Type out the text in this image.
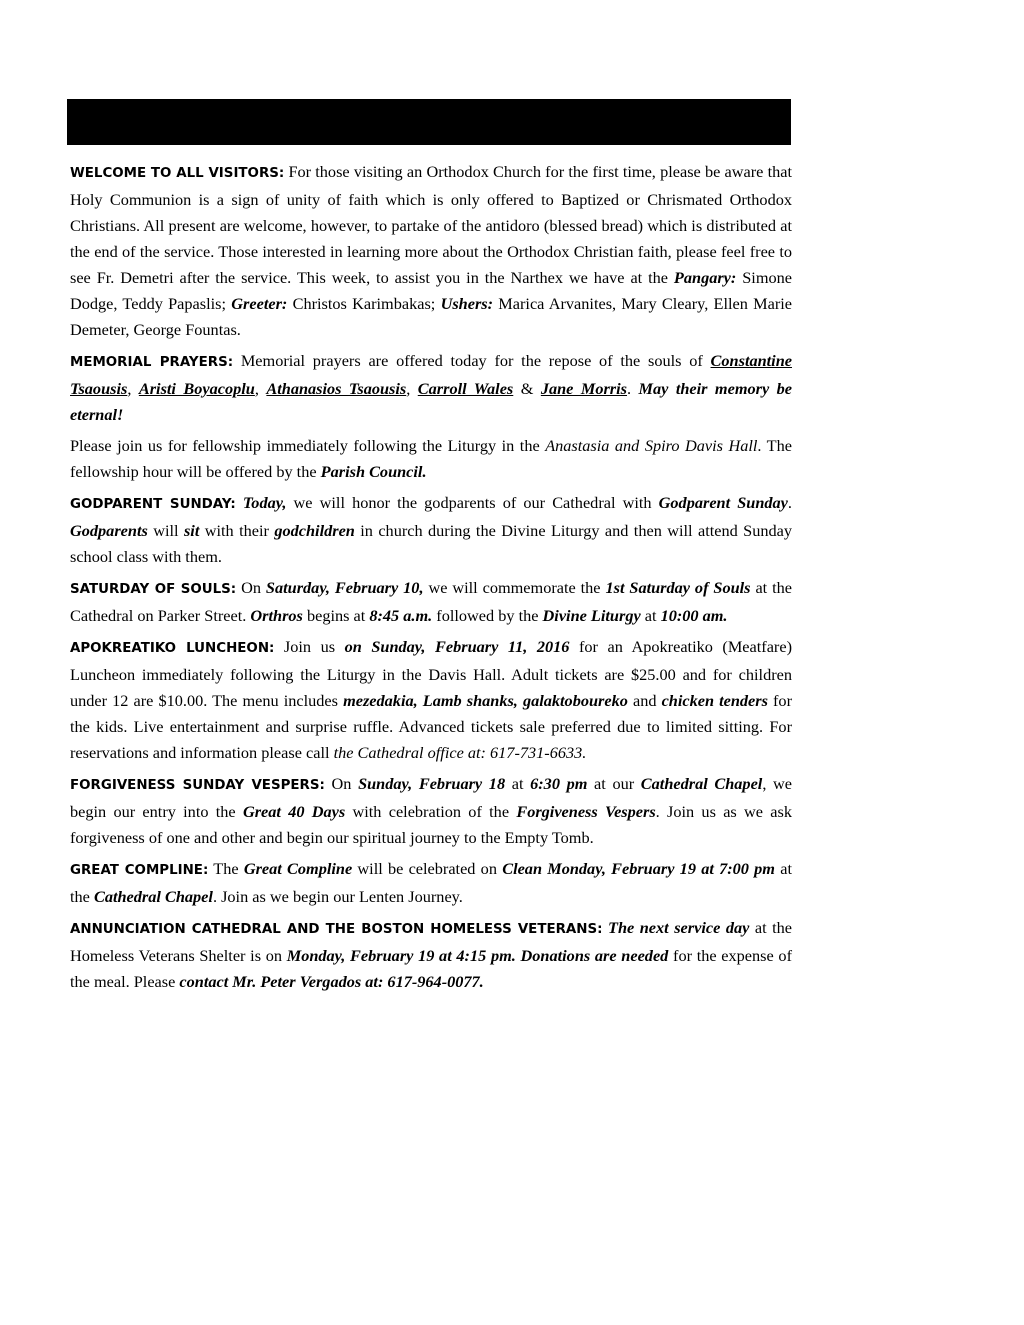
WELCOME TO ALL VISITORS: For those visiting an Orthodox Church for the first time, please be aware that Holy Communion is a sign of unity of faith which is only offered to Baptized or Chrismated Orthodox Christians. All present are welcome, however, to partake of the antidoro (blessed bread) which is distributed at the end of the service. Those interested in learning more about the Orthodox Christian faith, please feel free to see Fr. Demetri after the service. This week, to assist you in the Narthex we have at the Pangary: Simone Dodge, Teddy Papaslis; Greeter: Christos Karimbakas; Ushers: Marica Arvanites, Mary Cleary, Ellen Marie Demeter, George Fountas.

MEMORIAL PRAYERS: Memorial prayers are offered today for the repose of the souls of Constantine Tsaousis, Aristi Boyacoplu, Athanasios Tsaousis, Carroll Wales & Jane Morris. May their memory be eternal!

Please join us for fellowship immediately following the Liturgy in the Anastasia and Spiro Davis Hall. The fellowship hour will be offered by the Parish Council.

GODPARENT SUNDAY: Today, we will honor the godparents of our Cathedral with Godparent Sunday. Godparents will sit with their godchildren in church during the Divine Liturgy and then will attend Sunday school class with them.

SATURDAY OF SOULS: On Saturday, February 10, we will commemorate the 1st Saturday of Souls at the Cathedral on Parker Street. Orthros begins at 8:45 a.m. followed by the Divine Liturgy at 10:00 am.

APOKREATIKO LUNCHEON: Join us on Sunday, February 11, 2016 for an Apokreatiko (Meatfare) Luncheon immediately following the Liturgy in the Davis Hall. Adult tickets are $25.00 and for children under 12 are $10.00. The menu includes mezedakia, Lamb shanks, galaktoboureko and chicken tenders for the kids. Live entertainment and surprise ruffle. Advanced tickets sale preferred due to limited sitting. For reservations and information please call the Cathedral office at: 617-731-6633.

FORGIVENESS SUNDAY VESPERS: On Sunday, February 18 at 6:30 pm at our Cathedral Chapel, we begin our entry into the Great 40 Days with celebration of the Forgiveness Vespers. Join us as we ask forgiveness of one and other and begin our spiritual journey to the Empty Tomb.

GREAT COMPLINE: The Great Compline will be celebrated on Clean Monday, February 19 at 7:00 pm at the Cathedral Chapel. Join as we begin our Lenten Journey.

ANNUNCIATION CATHEDRAL AND THE BOSTON HOMELESS VETERANS: The next service day at the Homeless Veterans Shelter is on Monday, February 19 at 4:15 pm. Donations are needed for the expense of the meal. Please contact Mr. Peter Vergados at: 617-964-0077.
